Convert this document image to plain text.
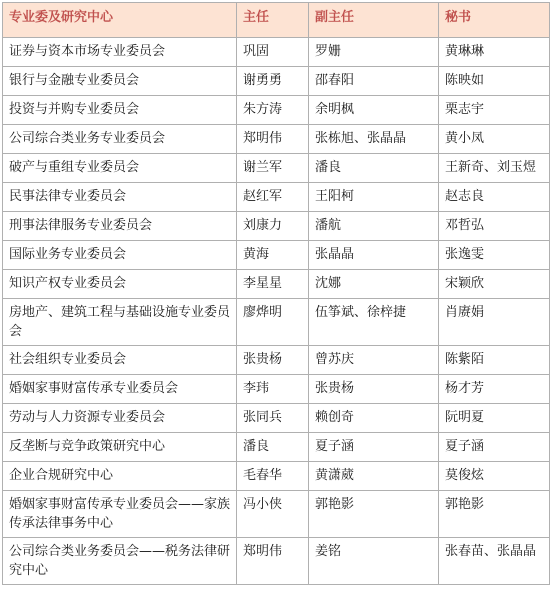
专业委及研究中心	主任	副主任	秘书
证券与资本市场专业委员会	巩固	罗姗	黄琳琳
银行与金融专业委员会	谢勇勇	邵春阳	陈映如
投资与并购专业委员会	朱方涛	余明枫	栗志宇
公司综合类业务专业委员会	郑明伟	张栋旭、张晶晶	黄小凤
破产与重组专业委员会	谢兰军	潘良	王新奇、刘玉煜
民事法律专业委员会	赵红军	王阳柯	赵志良
刑事法律服务专业委员会	刘康力	潘航	邓哲弘
国际业务专业委员会	黄海	张晶晶	张逸雯
知识产权专业委员会	李星星	沈娜	宋颖欣
房地产、建筑工程与基础设施专业委员会	廖烨明	伍筝斌、徐梓捷	肖赓娟
社会组织专业委员会	张贵杨	曾苏庆	陈紫陌
婚姻家事财富传承专业委员会	李玮	张贵杨	杨才芳
劳动与人力资源专业委员会	张同兵	赖创奇	阮明夏
反垄断与竞争政策研究中心	潘良	夏子涵	夏子涵
企业合规研究中心	毛春华	黄潇葳	莫俊炫
婚姻家事财富传承专业委员会——家族传承法律事务中心	冯小侠	郭艳影	郭艳影
公司综合类业务委员会——税务法律研究中心	郑明伟	姜铭	张春苗、张晶晶
